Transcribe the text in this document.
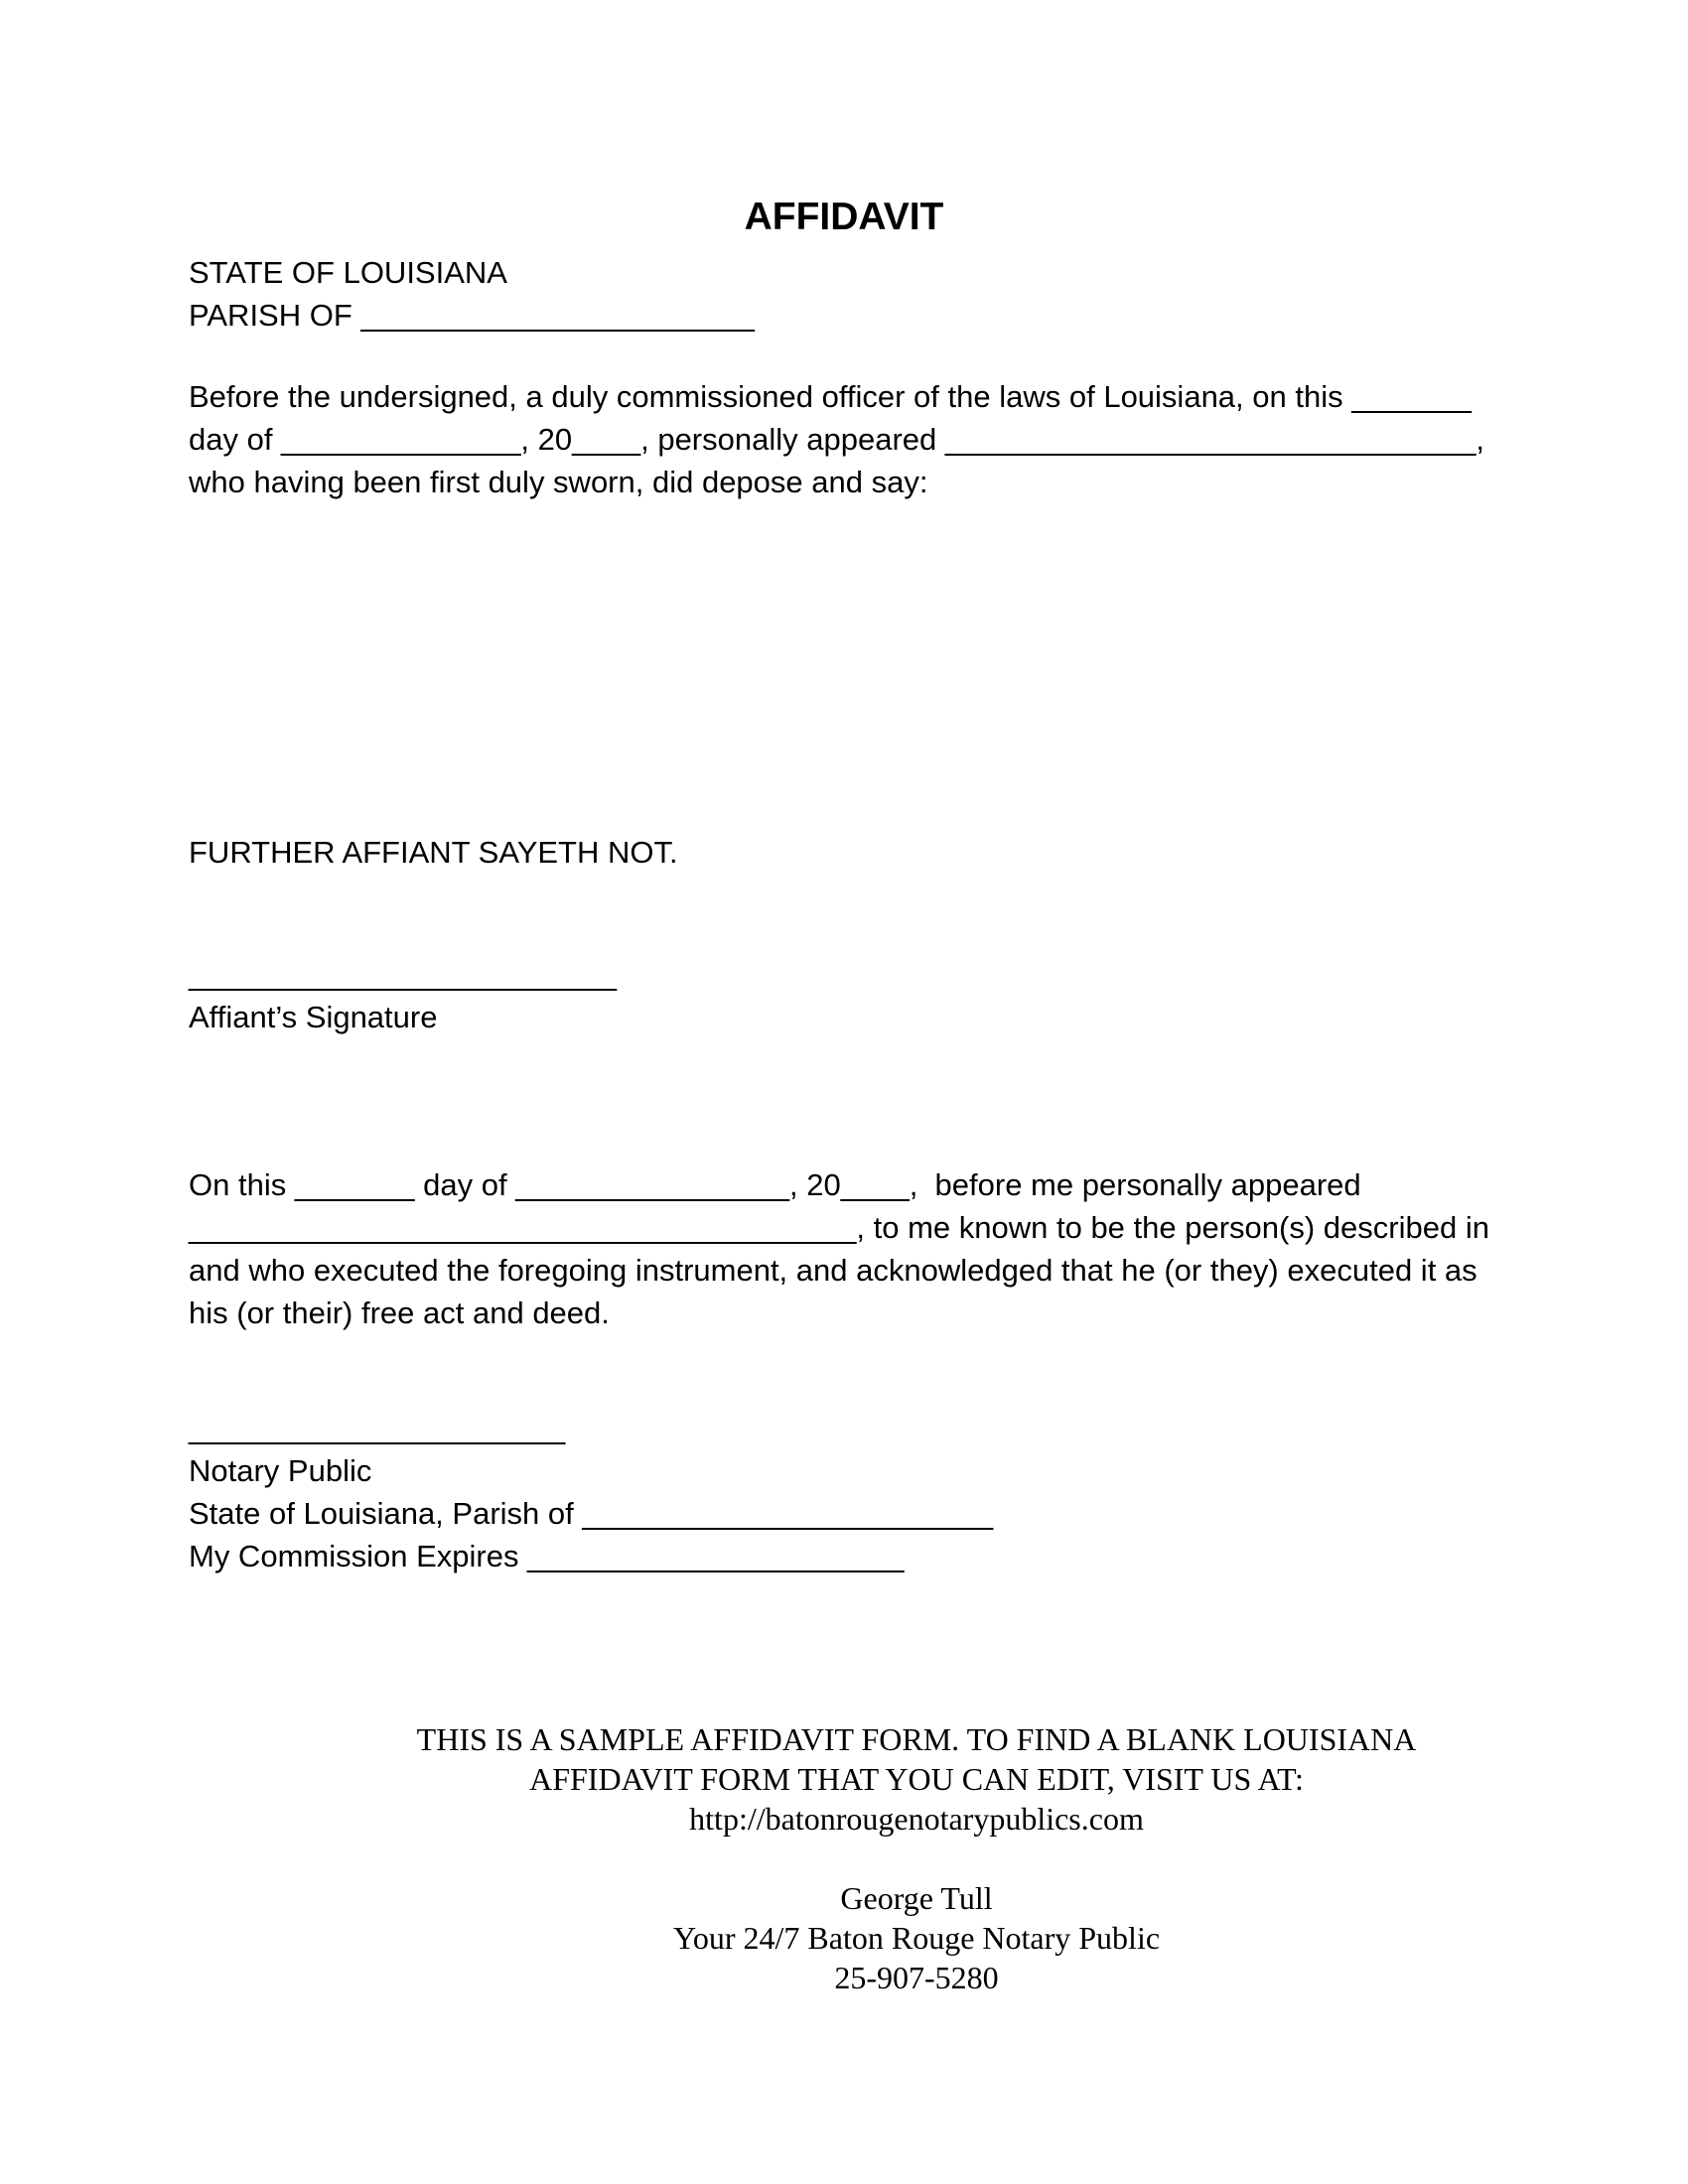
AFFIDAVIT
STATE OF LOUISIANA
PARISH OF _______________________
Before the undersigned, a duly commissioned officer of the laws of Louisiana, on this _______
day of ______________, 20____, personally appeared _______________________________,
who having been first duly sworn, did depose and say:
FURTHER AFFIANT SAYETH NOT.
_________________________
Affiant’s Signature
On this _______ day of ________________, 20____,  before me personally appeared
_______________________________________, to me known to be the person(s) described in
and who executed the foregoing instrument, and acknowledged that he (or they) executed it as
his (or their) free act and deed.
______________________
Notary Public
State of Louisiana, Parish of ________________________
My Commission Expires ______________________
THIS IS A SAMPLE AFFIDAVIT FORM. TO FIND A BLANK LOUISIANA
AFFIDAVIT FORM THAT YOU CAN EDIT, VISIT US AT:
http://batonrougenotarypublics.com
George Tull
Your 24/7 Baton Rouge Notary Public
25-907-5280
